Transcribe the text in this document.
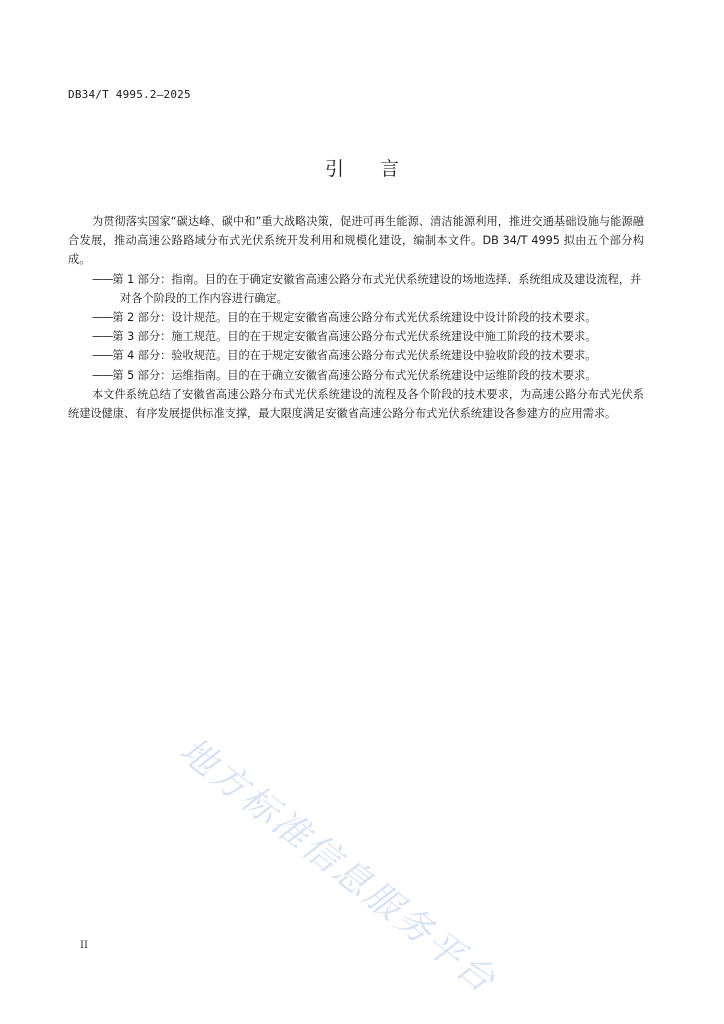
DB34/T 4995.2—2025
引言

为贯彻落实国家“碳达峰、碳中和”重大战略决策，促进可再生能源、清洁能源利用，推进交通基础设施与能源融合发展，推动高速公路路域分布式光伏系统开发利用和规模化建设，编制本文件。DB 34/T 4995 拟由五个部分构成。

——第 1 部分：指南。目的在于确定安徽省高速公路分布式光伏系统建设的场地选择、系统组成及建设流程，并对各个阶段的工作内容进行确定。

——第 2 部分：设计规范。目的在于规定安徽省高速公路分布式光伏系统建设中设计阶段的技术要求。

——第 3 部分：施工规范。目的在于规定安徽省高速公路分布式光伏系统建设中施工阶段的技术要求。

——第 4 部分：验收规范。目的在于规定安徽省高速公路分布式光伏系统建设中验收阶段的技术要求。

——第 5 部分：运维指南。目的在于确立安徽省高速公路分布式光伏系统建设中运维阶段的技术要求。

本文件系统总结了安徽省高速公路分布式光伏系统建设的流程及各个阶段的技术要求，为高速公路分布式光伏系统建设健康、有序发展提供标准支撑，最大限度满足安徽省高速公路分布式光伏系统建设各参建方的应用需求。

地方标准信息服务平台
II
